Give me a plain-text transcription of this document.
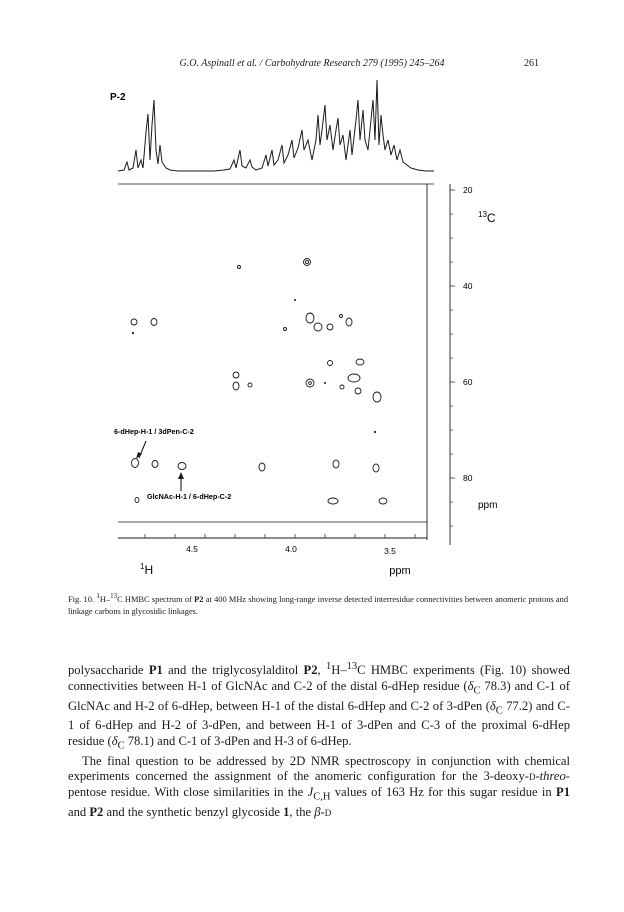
G.O. Aspinall et al. / Carbohydrate Research 279 (1995) 245–264	261
P-2
4.5	4.0	3.5
$^1_H$	ppm
20
40
60
80
$^{13}_C$
ppm
6-dHep-H-1 / 3dPen-C-2
GlcNAc-H-1 / 6-dHep-C-2
Fig. 10. $^1$H–$^{13}$C HMBC spectrum of P2 at 400 MHz showing long-range inverse detected interresidue connectivities between anomeric protons and linkage carbons in glycosidic linkages.

polysaccharide P1 and the triglycosylalditol P2, $^1$H–$^{13}$C HMBC experiments (Fig. 10) showed connectivities between H-1 of GlcNAc and C-2 of the distal 6-dHep residue ($\delta_C$ 78.3) and C-1 of GlcNAc and H-2 of 6-dHep, between H-1 of the distal 6-dHep and C-2 of 3-dPen ($\delta_C$ 77.2) and C-1 of 6-dHep and H-2 of 3-dPen, and between H-1 of 3-dPen and C-3 of the proximal 6-dHep residue ($\delta_C$ 78.1) and C-1 of 3-dPen and H-3 of 6-dHep.

The final question to be addressed by 2D NMR spectroscopy in conjunction with chemical experiments concerned the assignment of the anomeric configuration for the 3-deoxy-d-threo-pentose residue. With close similarities in the $J_{C,H}$ values of 163 Hz for this sugar residue in P1 and P2 and the synthetic benzyl glycoside 1, the β-d
